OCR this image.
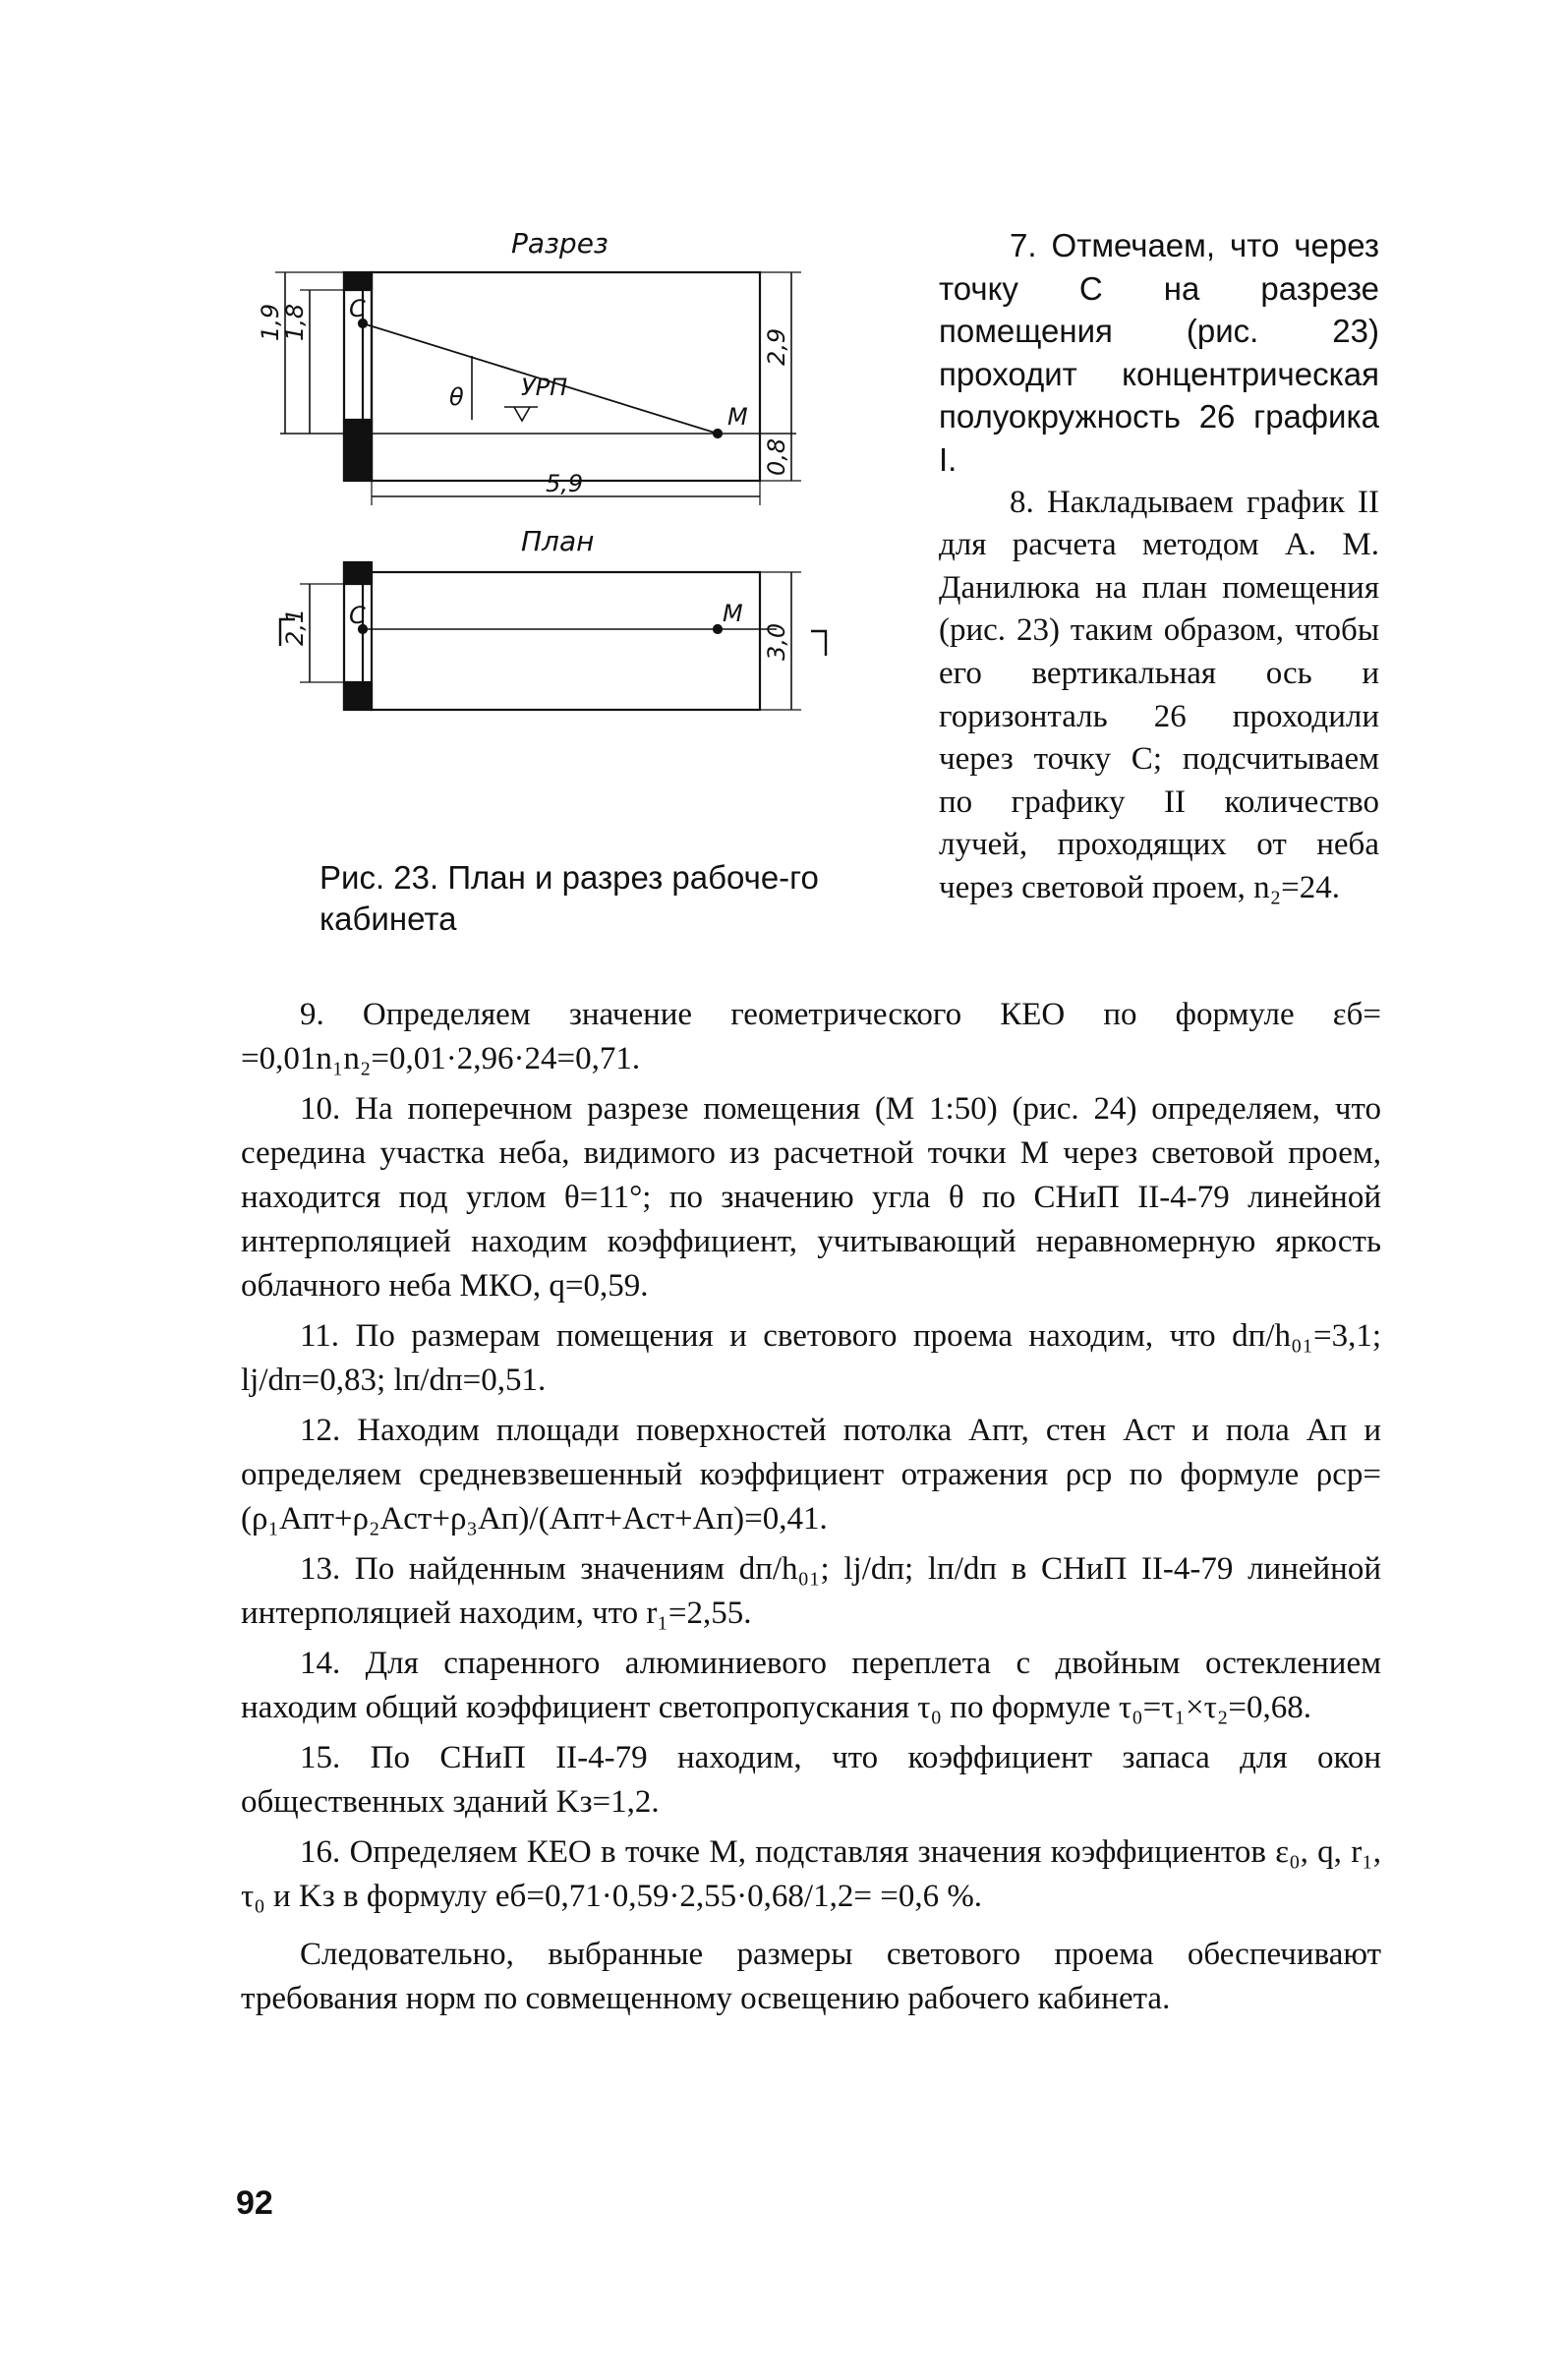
Разрез
План
C
M
УРП
θ
C	M
1,9
1,8
2,9
0,8
5,9
2,1	3,0
Рис. 23. План и разрез рабоче-го кабинета

7. Отмечаем, что через точку C на разрезе помещения (рис. 23) проходит концентрическая полуокружность 26 графика I.

8. Накладываем график II для расчета методом А. М. Данилюка на план помещения (рис. 23) таким образом, чтобы его вертикальная ось и горизонталь 26 проходили через точку C; подсчитываем по графику II количество лучей, проходящих от неба через световой проем, n₂=24.

9. Определяем значение геометрического КЕО по формуле εб= =0,01n₁n₂=0,01·2,96·24=0,71.

10. На поперечном разрезе помещения (М 1:50) (рис. 24) определяем, что середина участка неба, видимого из расчетной точки М через световой проем, находится под углом θ=11°; по значению угла θ по СНиП II-4-79 линейной интерполяцией находим коэффициент, учитывающий неравномерную яркость облачного неба МКО, q=0,59.

11. По размерам помещения и светового проема находим, что dп/h₀₁=3,1; lj/dп=0,83; lп/dп=0,51.

12. Находим площади поверхностей потолка Aпт, стен Aст и пола Aп и определяем средневзвешенный коэффициент отражения ρср по формуле ρср=(ρ₁Aпт+ρ₂Aст+ρ₃Aп)/(Aпт+Aст+Aп)=0,41.

13. По найденным значениям dп/h₀₁; lj/dп; lп/dп в СНиП II-4-79 линейной интерполяцией находим, что r₁=2,55.

14. Для спаренного алюминиевого переплета с двойным остеклением находим общий коэффициент светопропускания τ₀ по формуле τ₀=τ₁×τ₂=0,68.

15. По СНиП II-4-79 находим, что коэффициент запаса для окон общественных зданий Kз=1,2.

16. Определяем КЕО в точке М, подставляя значения коэффициентов ε₀, q, r₁, τ₀ и Kз в формулу eб=0,71·0,59·2,55·0,68/1,2= =0,6 %.

Следовательно, выбранные размеры светового проема обеспечивают требования норм по совмещенному освещению рабочего кабинета.

92
